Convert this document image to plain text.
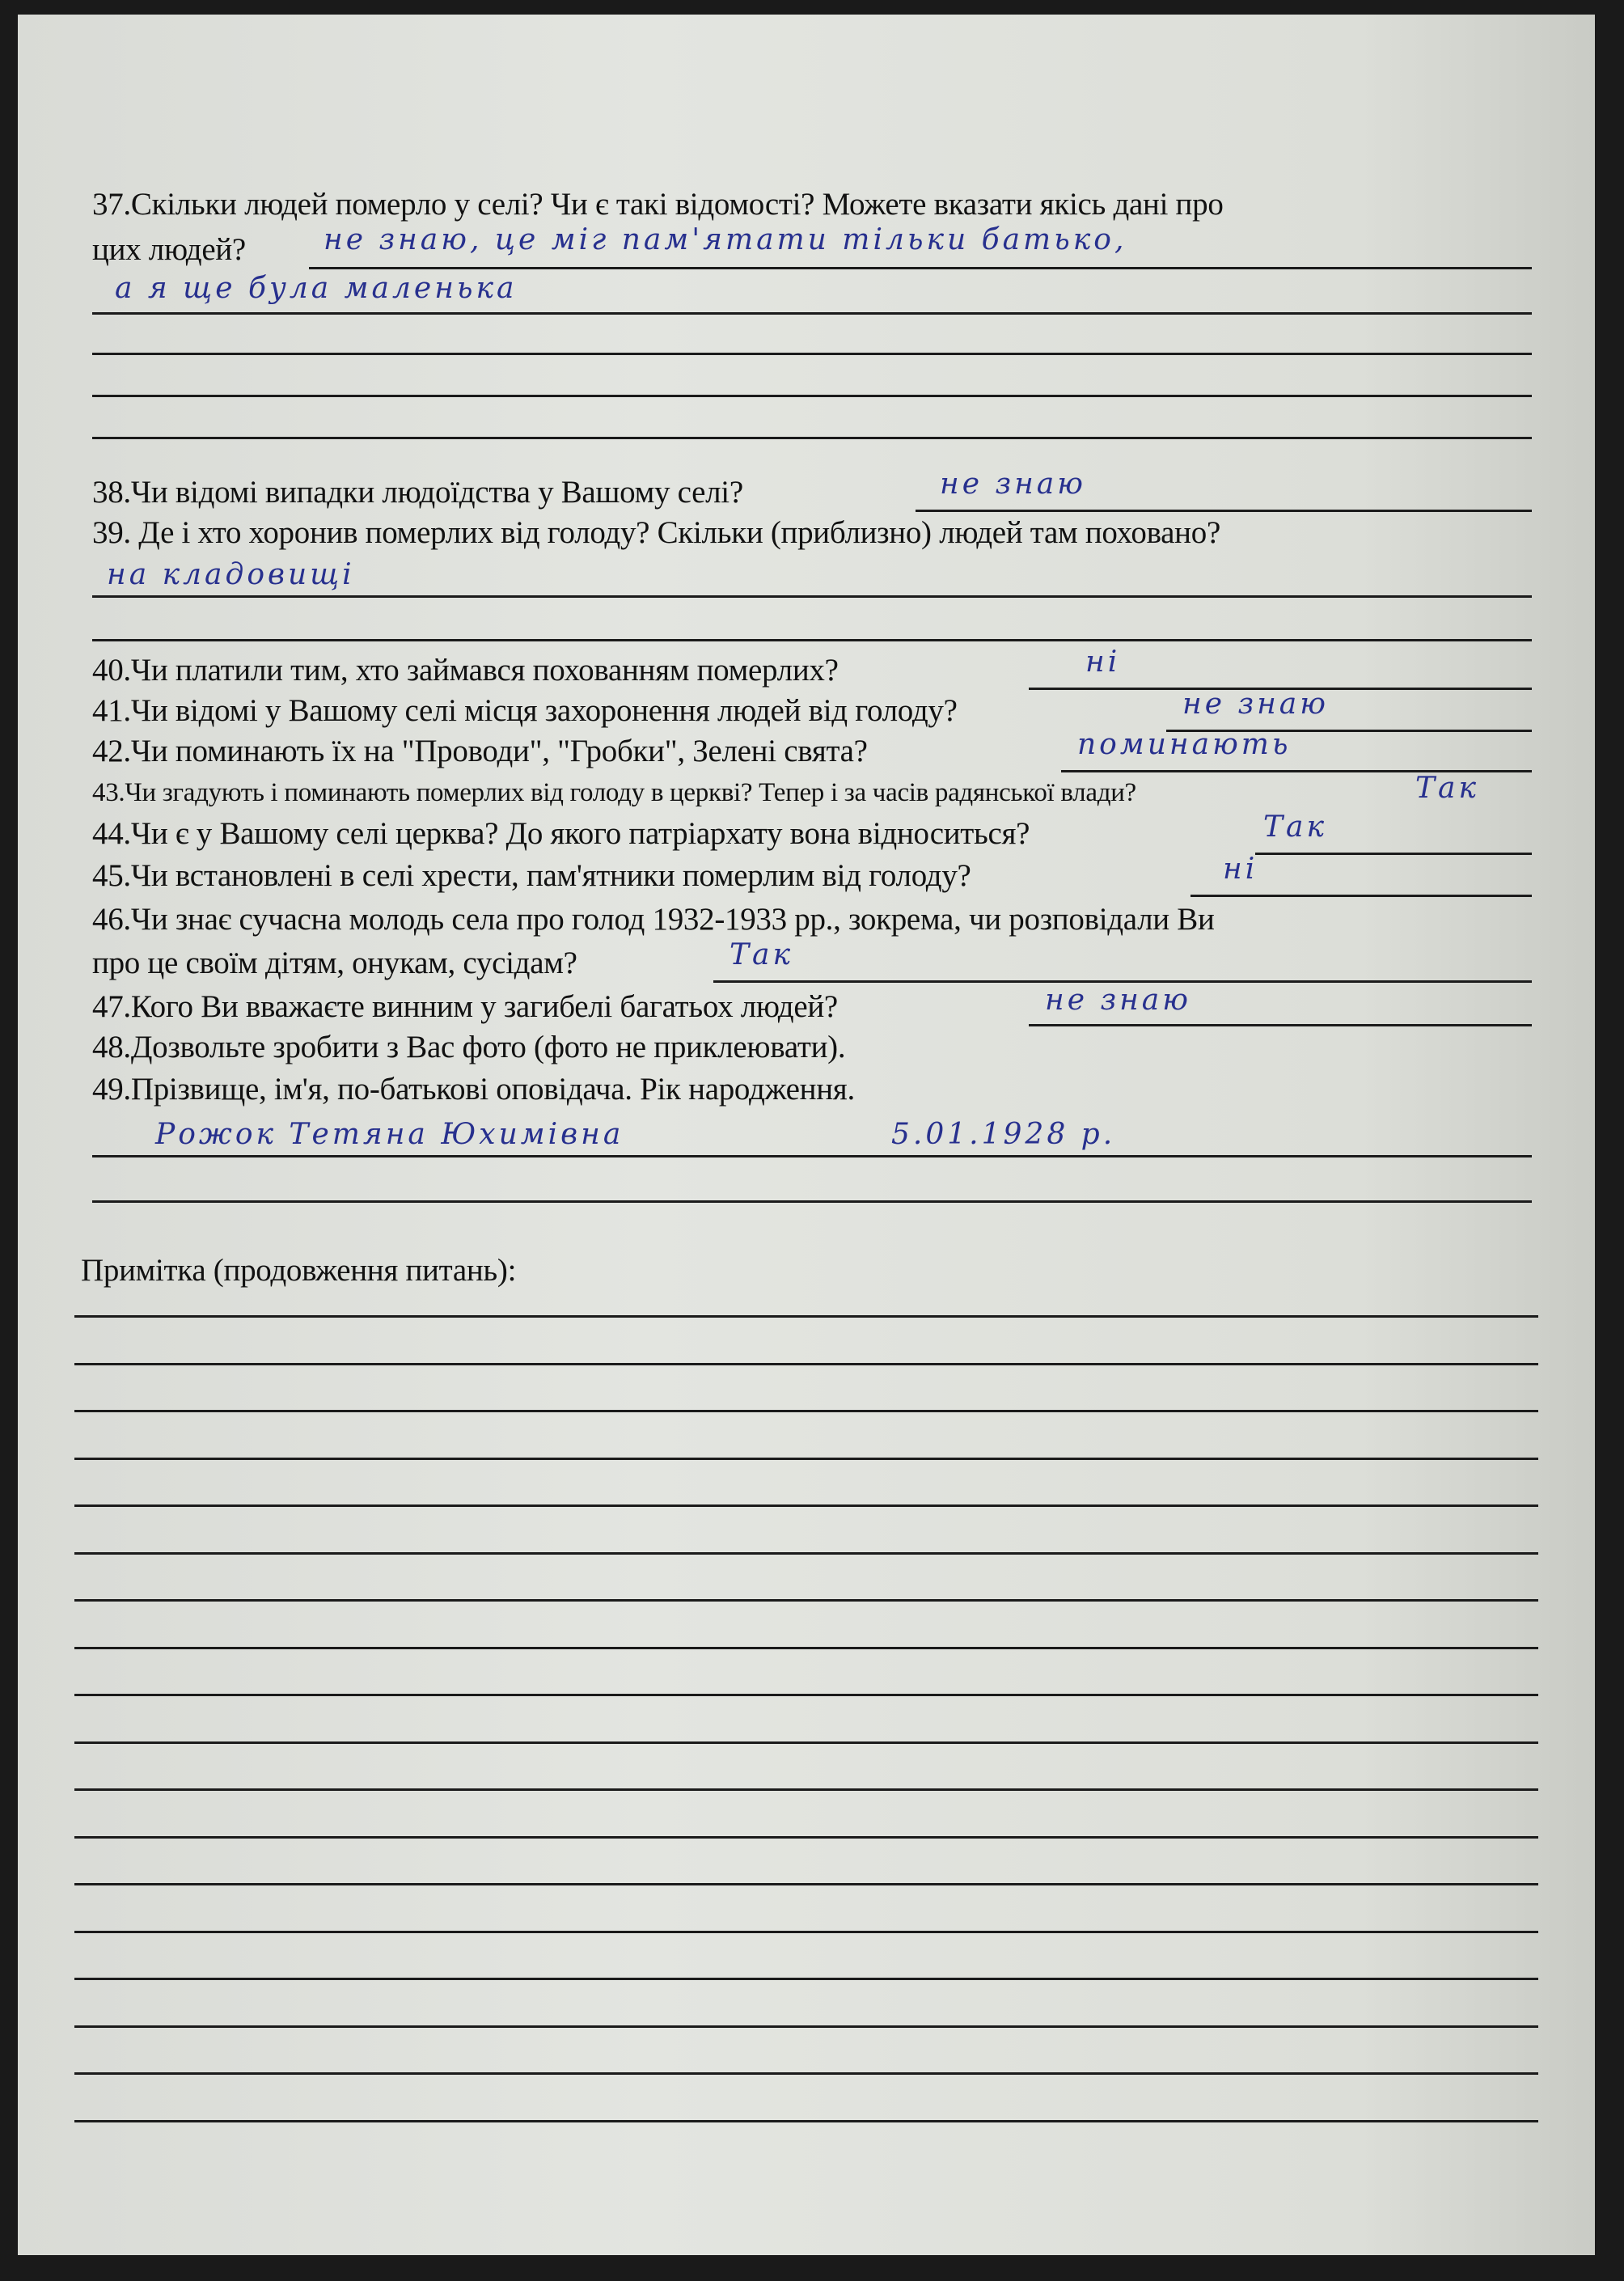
37.Скільки людей померло у селі? Чи є такі відомості? Можете вказати якісь дані про
цих людей?	не знаю, це міг пам'ятати тільки батько,
а я ще була маленька
38.Чи відомі випадки людоїдства у Вашому селі?	не знаю
39. Де і хто хоронив померлих від голоду? Скільки (приблизно) людей там поховано?
на кладовищі
40.Чи платили тим, хто займався похованням померлих?	ні
41.Чи відомі у Вашому селі місця захоронення людей від голоду?	не знаю
42.Чи поминають їх на "Проводи", "Гробки", Зелені свята?	поминають
43.Чи згадують і поминають померлих від голоду в церкві? Тепер і за часів радянської влади?	Так
44.Чи є у Вашому селі церква? До якого патріархату вона відноситься?	Так
45.Чи встановлені в селі хрести, пам'ятники померлим від голоду?	ні
46.Чи знає сучасна молодь села про голод 1932-1933 рр., зокрема, чи розповідали Ви
про це своїм дітям, онукам, сусідам?	Так
47.Кого Ви вважаєте винним у загибелі багатьох людей?	не знаю
48.Дозвольте зробити з Вас фото (фото не приклеювати).
49.Прізвище, ім'я, по-батькові оповідача. Рік народження.
Рожок Тетяна Юхимівна	5.01.1928 р.
Примітка (продовження питань):
